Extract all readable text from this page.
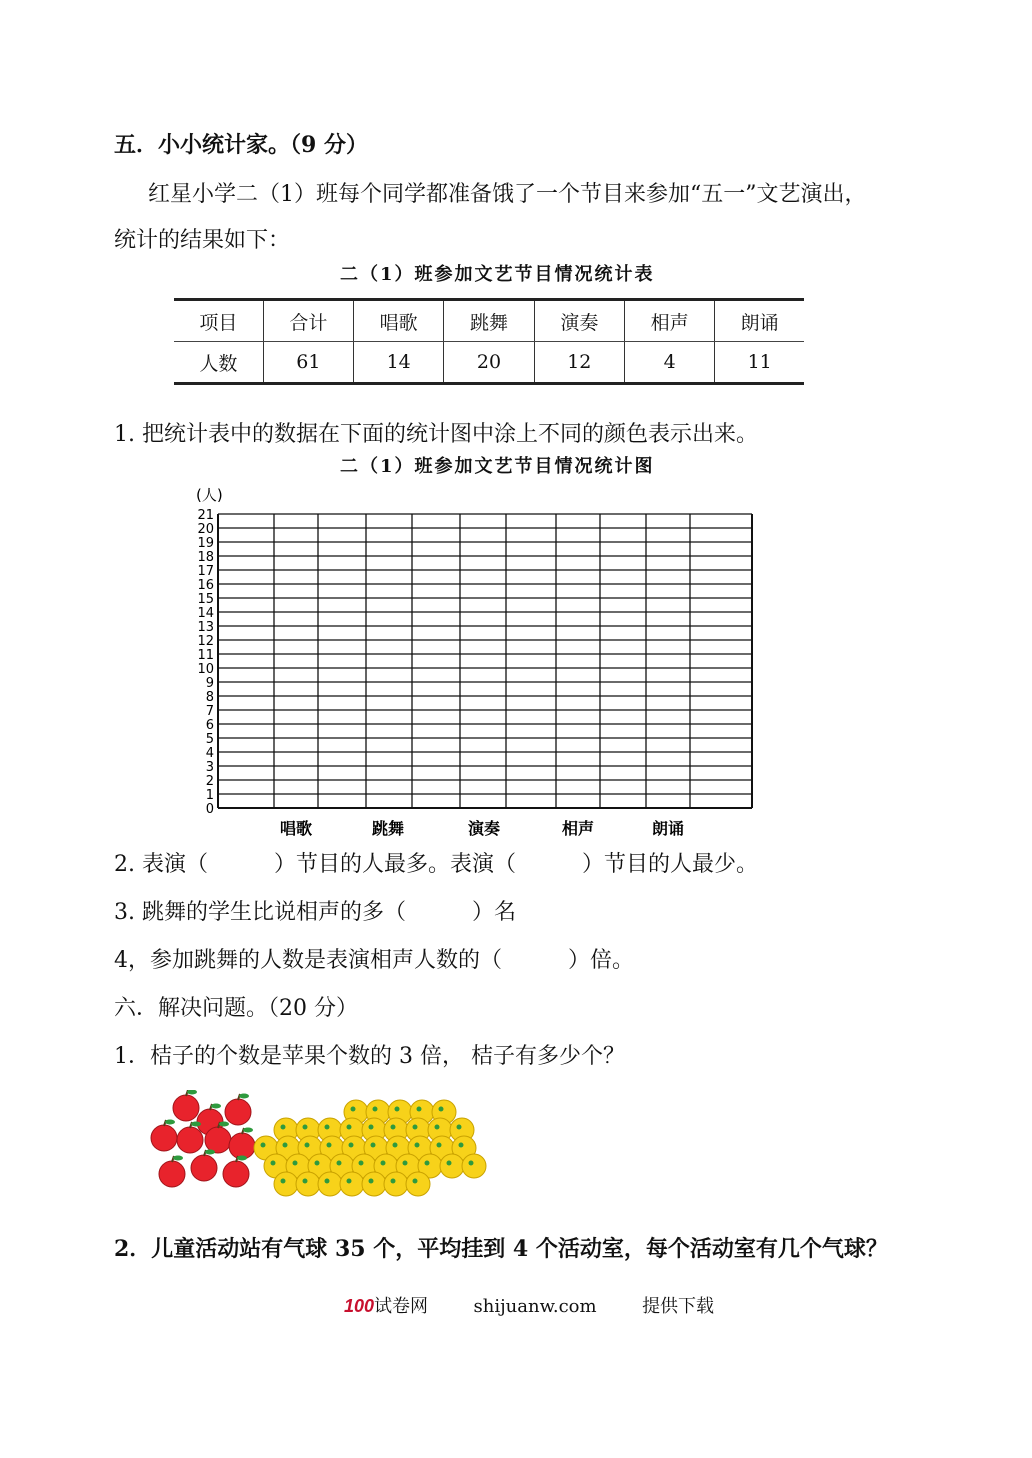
五．小小统计家。（9 分）
红星小学二（1）班每个同学都准备饿了一个节目来参加“五一”文艺演出，
统计的结果如下：
二（1）班参加文艺节目情况统计表
项目	合计	唱歌	跳舞	演奏	相声	朗诵
人数	61	14	20	12	4	11
1. 把统计表中的数据在下面的统计图中涂上不同的颜色表示出来。
二（1）班参加文艺节目情况统计图
(人)
0
1
2
3
4
5
6
7
8
9
10
11
12
13
14
15
16
17
18
19
20
21
唱歌	跳舞	演奏	相声	朗诵
2. 表演（　　　）节目的人最多。表演（　　　）节目的人最少。
3. 跳舞的学生比说相声的多（　　　）名
4，参加跳舞的人数是表演相声人数的（　　　）倍。
六．解决问题。（20 分）
1．桔子的个数是苹果个数的 3 倍， 桔子有多少个？
2．儿童活动站有气球 35 个，平均挂到 4 个活动室，每个活动室有几个气球？
100试卷网	shijuanw.com	提供下载
